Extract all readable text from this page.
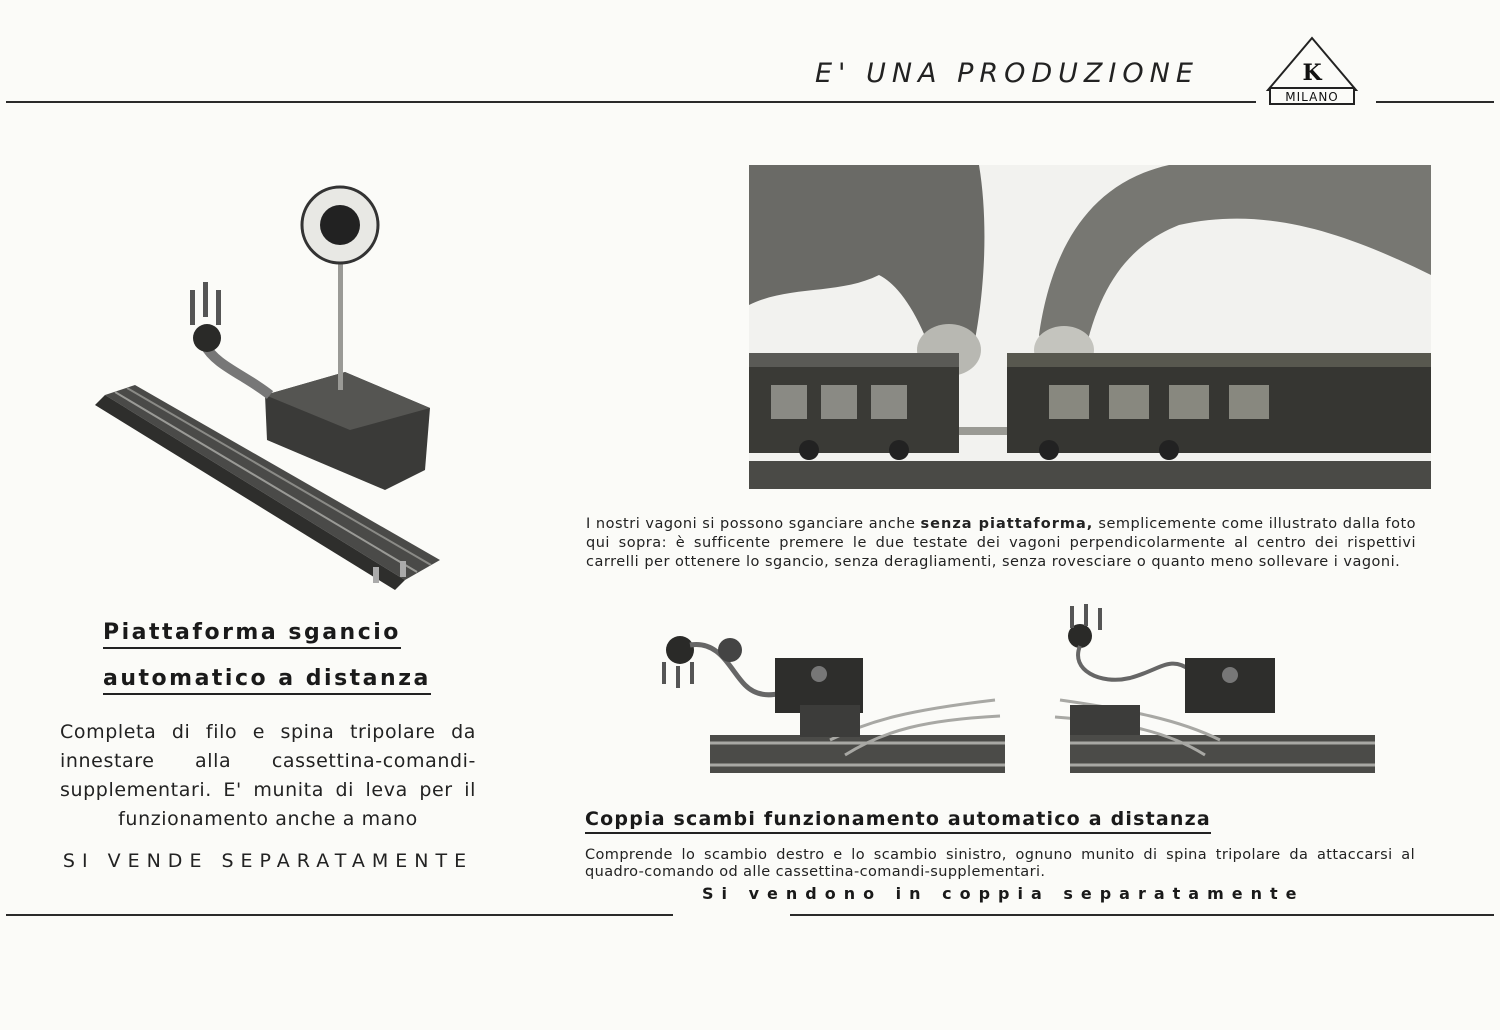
E' UNA PRODUZIONE	K
MILANO
Piattaforma sgancio
automatico a distanza
Completa di filo e spina tripolare da innestare alla cassettina-comandi-supplementari. E' munita di leva per il funzionamento anche a mano
SI VENDE SEPARATAMENTE
I nostri vagoni si possono sganciare anche senza piattaforma, semplicemente come illustrato dalla foto qui sopra: è sufficente premere le due testate dei vagoni perpendicolarmente al centro dei rispettivi carrelli per ottenere lo sgancio, senza deragliamenti, senza rovesciare o quanto meno sollevare i vagoni.
Coppia scambi funzionamento automatico a distanza
Comprende lo scambio destro e lo scambio sinistro, ognuno munito di spina tripolare da attaccarsi al quadro-comando od alle cassettina-comandi-supplementari.
Si vendono in coppia separatamente
